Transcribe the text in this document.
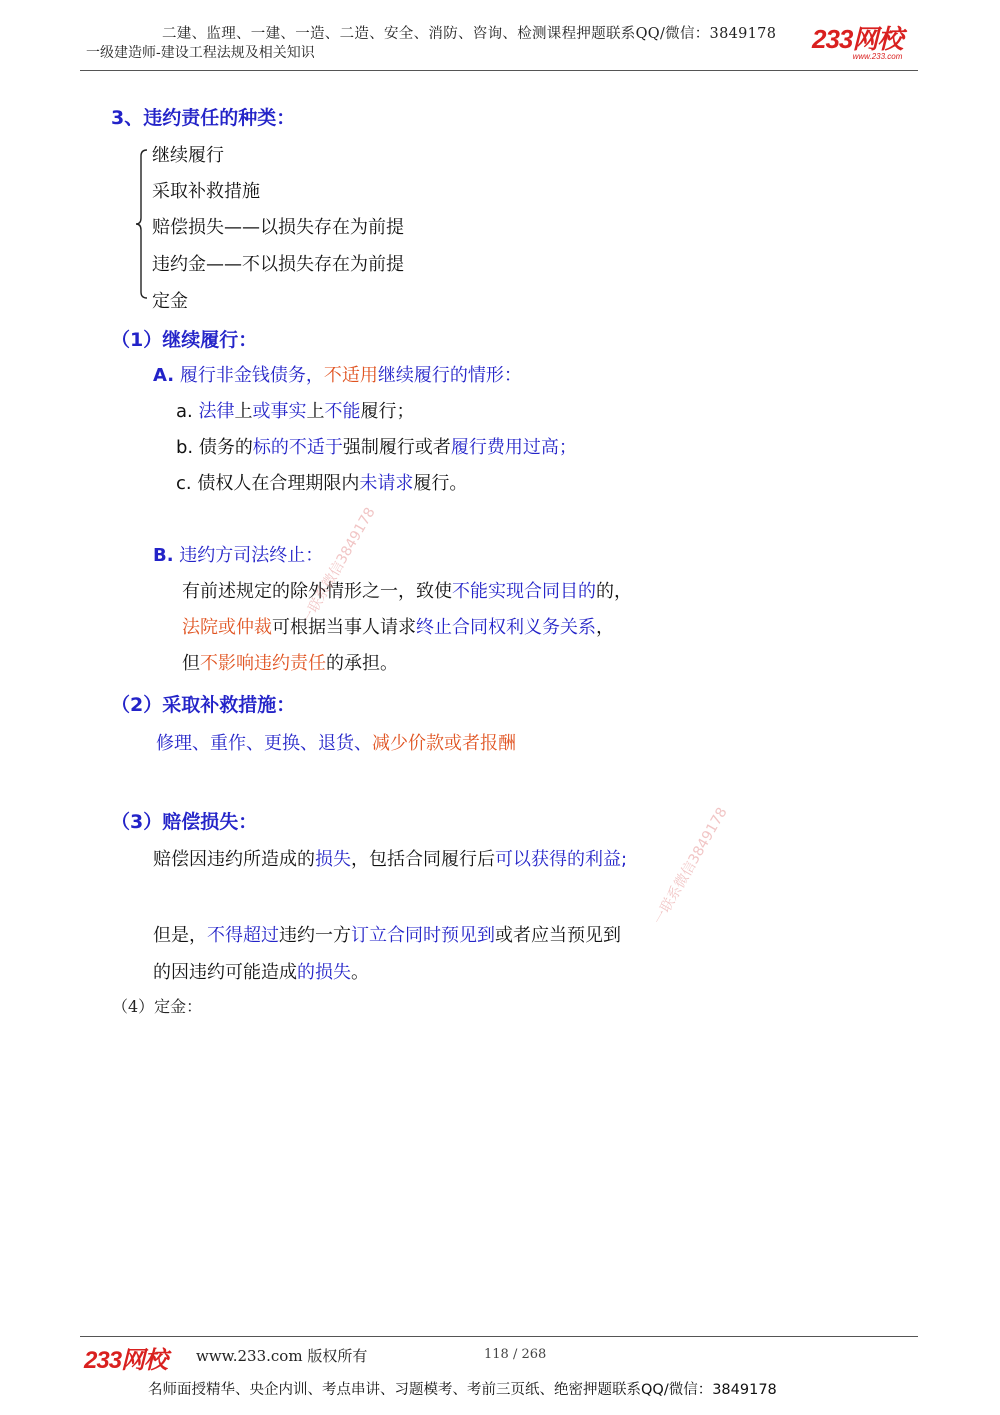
二建、监理、一建、一造、二造、安全、消防、咨询、检测课程押题联系QQ/微信：3849178
一级建造师-建设工程法规及相关知识	233网校
www.233.com
3、违约责任的种类：
继续履行
采取补救措施
赔偿损失——以损失存在为前提
违约金——不以损失存在为前提
定金
（1）继续履行：
A. 履行非金钱债务，不适用继续履行的情形：
a. 法律上或事实上不能履行；
b. 债务的标的不适于强制履行或者履行费用过高；
c. 债权人在合理期限内未请求履行。
B. 违约方司法终止：
有前述规定的除外情形之一，致使不能实现合同目的的，
法院或仲裁可根据当事人请求终止合同权利义务关系，
但不影响违约责任的承担。
（2）采取补救措施：
修理、重作、更换、退货、减少价款或者报酬
（3）赔偿损失：
赔偿因违约所造成的损失，包括合同履行后可以获得的利益;
但是，不得超过违约一方订立合同时预见到或者应当预见到
的因违约可能造成的损失。
（4）定金：
一联系微信3849178
一联系微信3849178
233网校 www.233.com 版权所有	118 / 268
名师面授精华、央企内训、考点串讲、习题模考、考前三页纸、绝密押题联系QQ/微信：3849178
